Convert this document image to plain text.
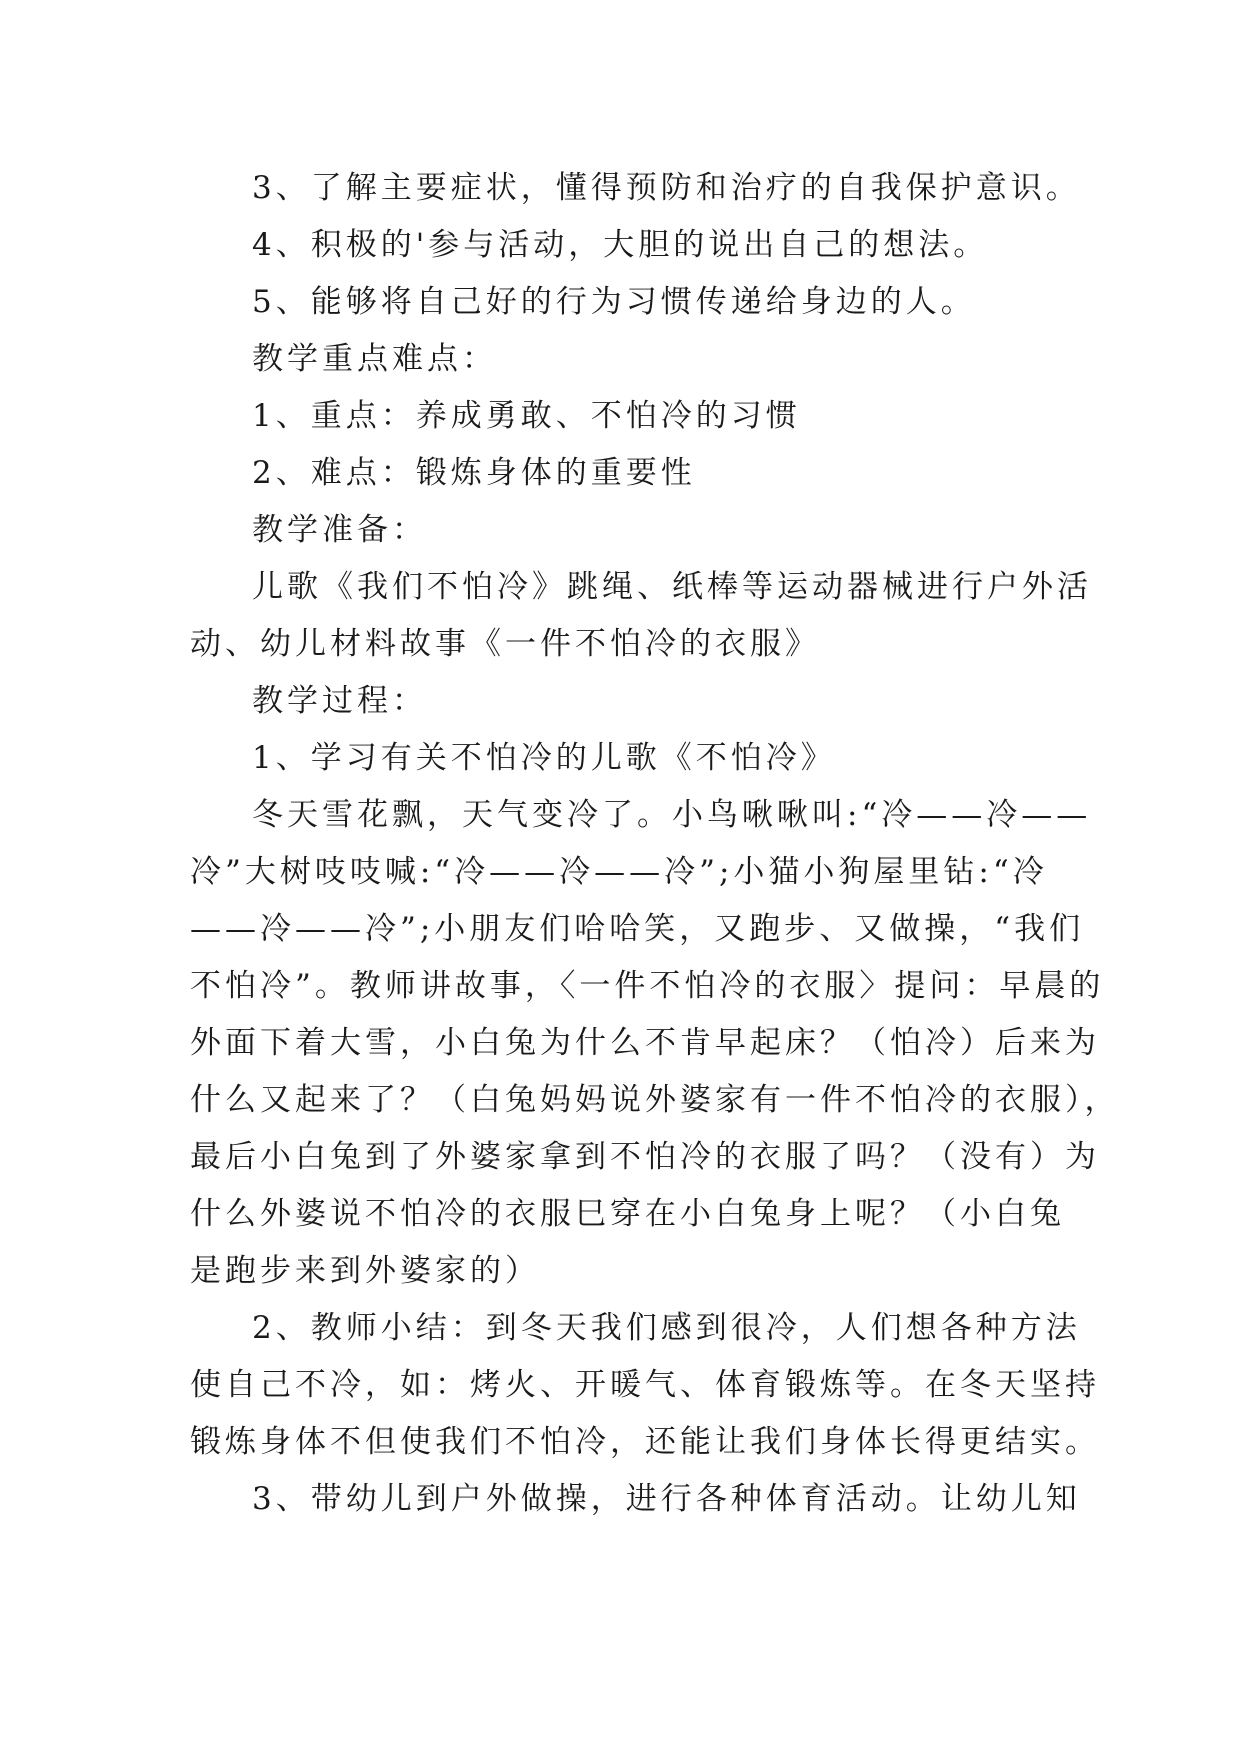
3、了解主要症状，懂得预防和治疗的自我保护意识。

4、积极的'参与活动，大胆的说出自己的想法。

5、能够将自己好的行为习惯传递给身边的人。

教学重点难点：

1、重点：养成勇敢、不怕冷的习惯

2、难点：锻炼身体的重要性

教学准备：

儿歌《我们不怕冷》跳绳、纸棒等运动器械进行户外活

动、幼儿材料故事《一件不怕冷的衣服》

教学过程：

1、学习有关不怕冷的儿歌《不怕冷》

冬天雪花飘，天气变冷了。小鸟啾啾叫:“冷——冷——

冷”大树吱吱喊:“冷——冷——冷”;小猫小狗屋里钻:“冷

——冷——冷”;小朋友们哈哈笑，又跑步、又做操，“我们

不怕冷”。教师讲故事，〈一件不怕冷的衣服〉提问：早晨的

外面下着大雪，小白兔为什么不肯早起床？（怕冷）后来为

什么又起来了？（白兔妈妈说外婆家有一件不怕冷的衣服），

最后小白兔到了外婆家拿到不怕冷的衣服了吗？（没有）为

什么外婆说不怕冷的衣服巳穿在小白兔身上呢？（小白兔

是跑步来到外婆家的）

2、教师小结：到冬天我们感到很冷，人们想各种方法

使自己不冷，如：烤火、开暖气、体育锻炼等。在冬天坚持

锻炼身体不但使我们不怕冷，还能让我们身体长得更结实。

3、带幼儿到户外做操，进行各种体育活动。让幼儿知
